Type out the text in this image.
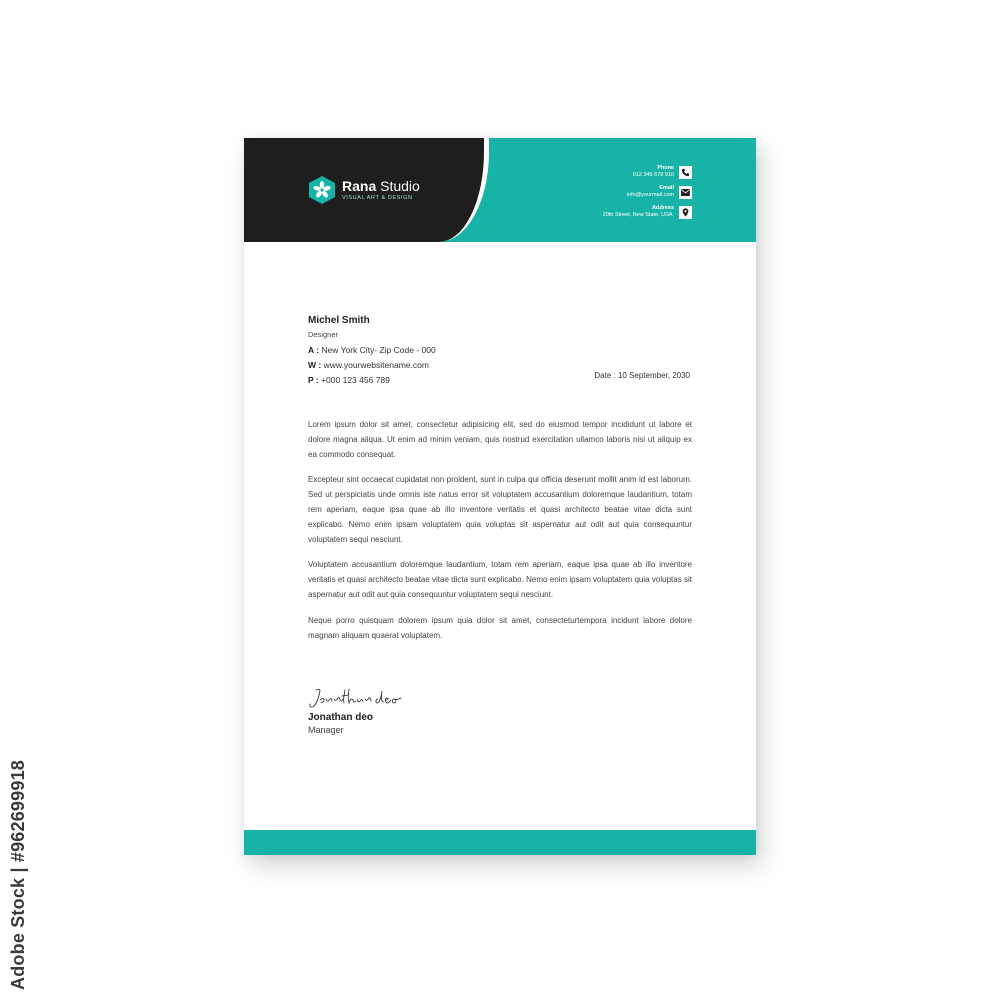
Adobe Stock | #962699918
Rana Studio
VISUAL ART & DESIGN
Phone
012 345 678 910
Email
info@yourmail.com
Address
20th Street, New State, USA.
Michel Smith
Designer
A : New York City- Zip Code - 000
W : www.yourwebsitename.com
P : +000 123 456 789	Date : 10 September, 2030

Lorem ipsum dolor sit amet, consectetur adipisicing elit, sed do eiusmod tempor incididunt ut labore et dolore magna aliqua. Ut enim ad minim veniam, quis nostrud exercitation ullamco laboris nisi ut aliquip ex ea commodo consequat.

Excepteur sint occaecat cupidatat non proident, sunt in culpa qui officia deserunt mollit anim id est laborum. Sed ut perspiciatis unde omnis iste natus error sit voluptatem accusantium doloremque laudantium, totam rem aperiam, eaque ipsa quae ab illo inventore veritatis et quasi architecto beatae vitae dicta sunt explicabo. Nemo enim ipsam voluptatem quia voluptas sit aspernatur aut odit aut quia consequuntur voluptatem sequi nesciunt.

Voluptatem accusantium doloremque laudantium, totam rem aperiam, eaque ipsa quae ab illo inventore veritatis et quasi architecto beatae vitae dicta sunt explicabo. Nemo enim ipsam voluptatem quia voluptas sit aspernatur aut odit aut quia consequuntur voluptatem sequi nesciunt.

Neque porro quisquam dolorem ipsum quia dolor sit amet, consecteturtempora incidunt labore dolore magnam aliquam quaerat voluptatem.

Jonathan deo
Manager
